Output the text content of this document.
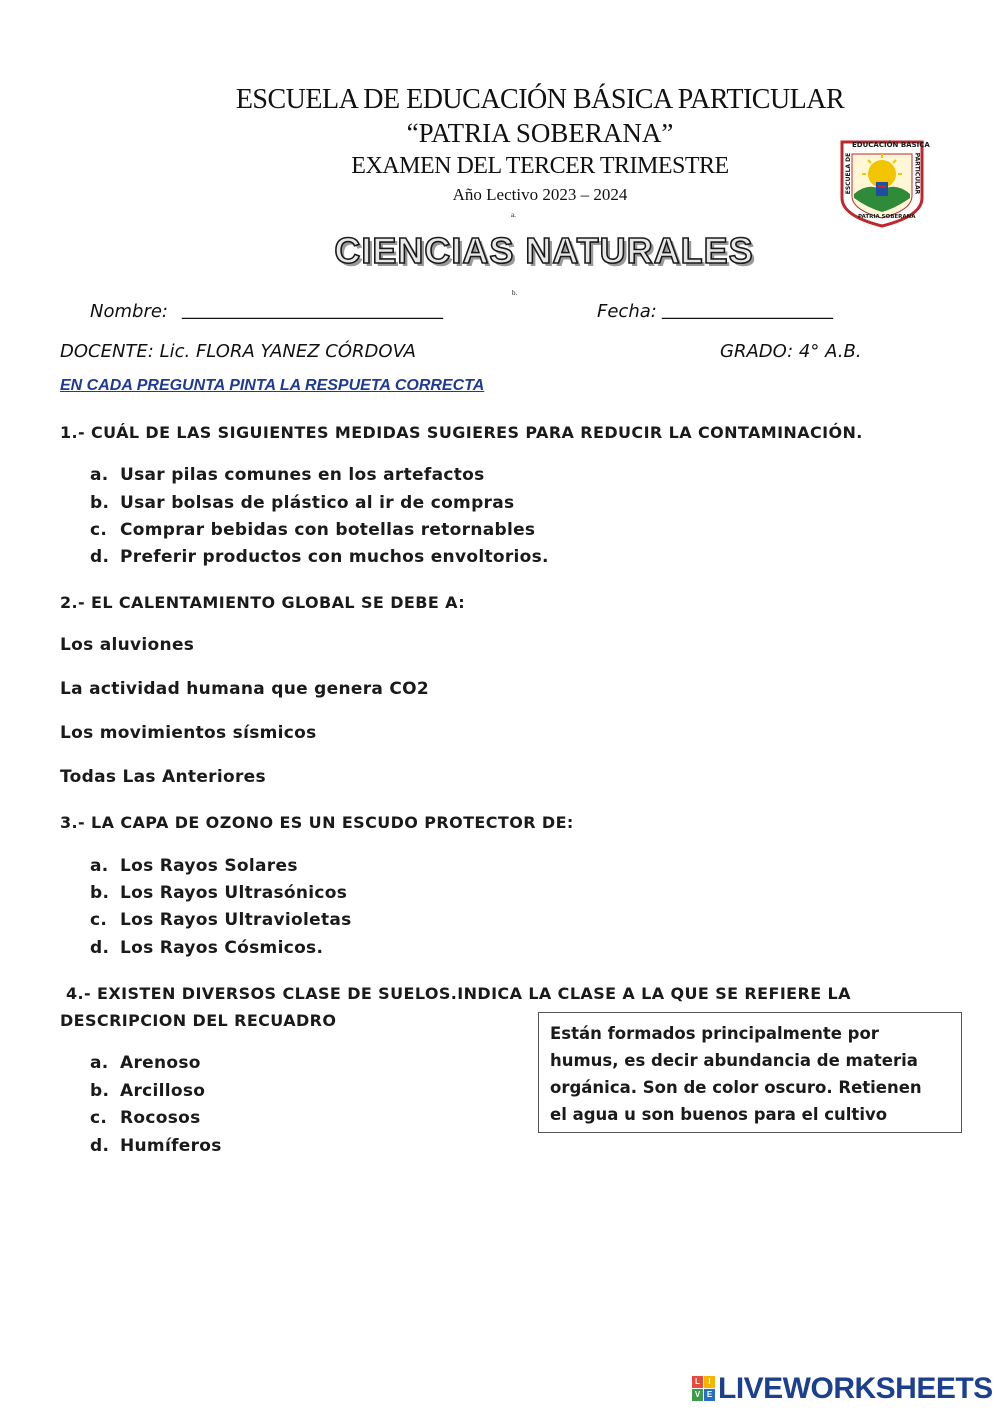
ESCUELA DE EDUCACIÓN BÁSICA PARTICULAR
“PATRIA SOBERANA”
EXAMEN DEL TERCER TRIMESTRE
Año Lectivo 2023 – 2024
a.
CIENCIAS NATURALES
b.
EDUCACIÓN BÁSICA
ESCUELA DE	PARTICULAR
PATRIA SOBERANA
Nombre: _____________________________	Fecha: ___________________
DOCENTE: Lic. FLORA YANEZ CÓRDOVA	GRADO: 4° A.B.
EN CADA PREGUNTA PINTA LA RESPUETA CORRECTA
1.- CUÁL DE LAS SIGUIENTES MEDIDAS SUGIERES PARA REDUCIR LA CONTAMINACIÓN.
a. Usar pilas comunes en los artefactos
b. Usar bolsas de plástico al ir de compras
c. Comprar bebidas con botellas retornables
d. Preferir productos con muchos envoltorios.
2.- EL CALENTAMIENTO GLOBAL SE DEBE A:
Los aluviones
La actividad humana que genera CO2
Los movimientos sísmicos
Todas Las Anteriores
3.- LA CAPA DE OZONO ES UN ESCUDO PROTECTOR DE:
a. Los Rayos Solares
b. Los Rayos Ultrasónicos
c. Los Rayos Ultravioletas
d. Los Rayos Cósmicos.
4.- EXISTEN DIVERSOS CLASE DE SUELOS.INDICA LA CLASE A LA QUE SE REFIERE LA
DESCRIPCION DEL RECUADRO
Están formados principalmente por
humus, es decir abundancia de materia
orgánica. Son de color oscuro. Retienen
el agua u son buenos para el cultivo
a. Arenoso
b. Arcilloso
c. Rocosos
d. Humíferos
L	I
V E LIVEWORKSHEETS
